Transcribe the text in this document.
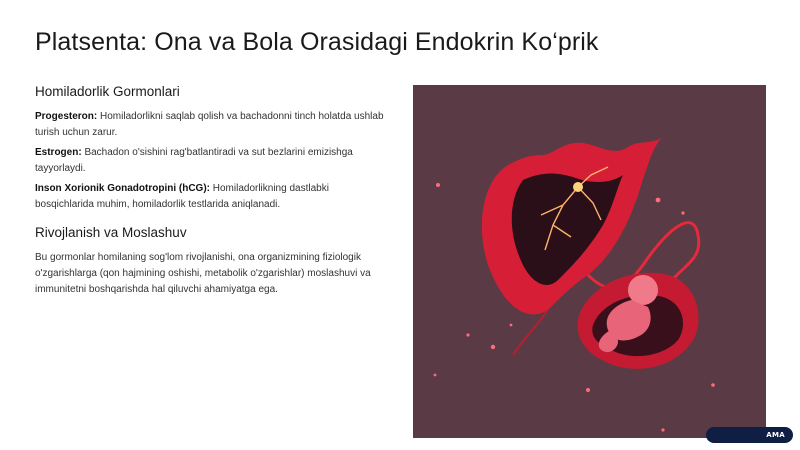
Platsenta: Ona va Bola Orasidagi Endokrin Ko‘prik
Homiladorlik Gormonlari

Progesteron: Homiladorlikni saqlab qolish va bachadonni tinch holatda ushlab turish uchun zarur.

Estrogen: Bachadon o'sishini rag'batlantiradi va sut bezlarini emizishga tayyorlaydi.

Inson Xorionik Gonadotropini (hCG): Homiladorlikning dastlabki bosqichlarida muhim, homiladorlik testlarida aniqlanadi.

Rivojlanish va Moslashuv

Bu gormonlar homilaning sog'lom rivojlanishi, ona organizmining fiziologik o'zgarishlarga (qon hajmining oshishi, metabolik o'zgarishlar) moslashuvi va immunitetni boshqarishda hal qiluvchi ahamiyatga ega.

AMA
